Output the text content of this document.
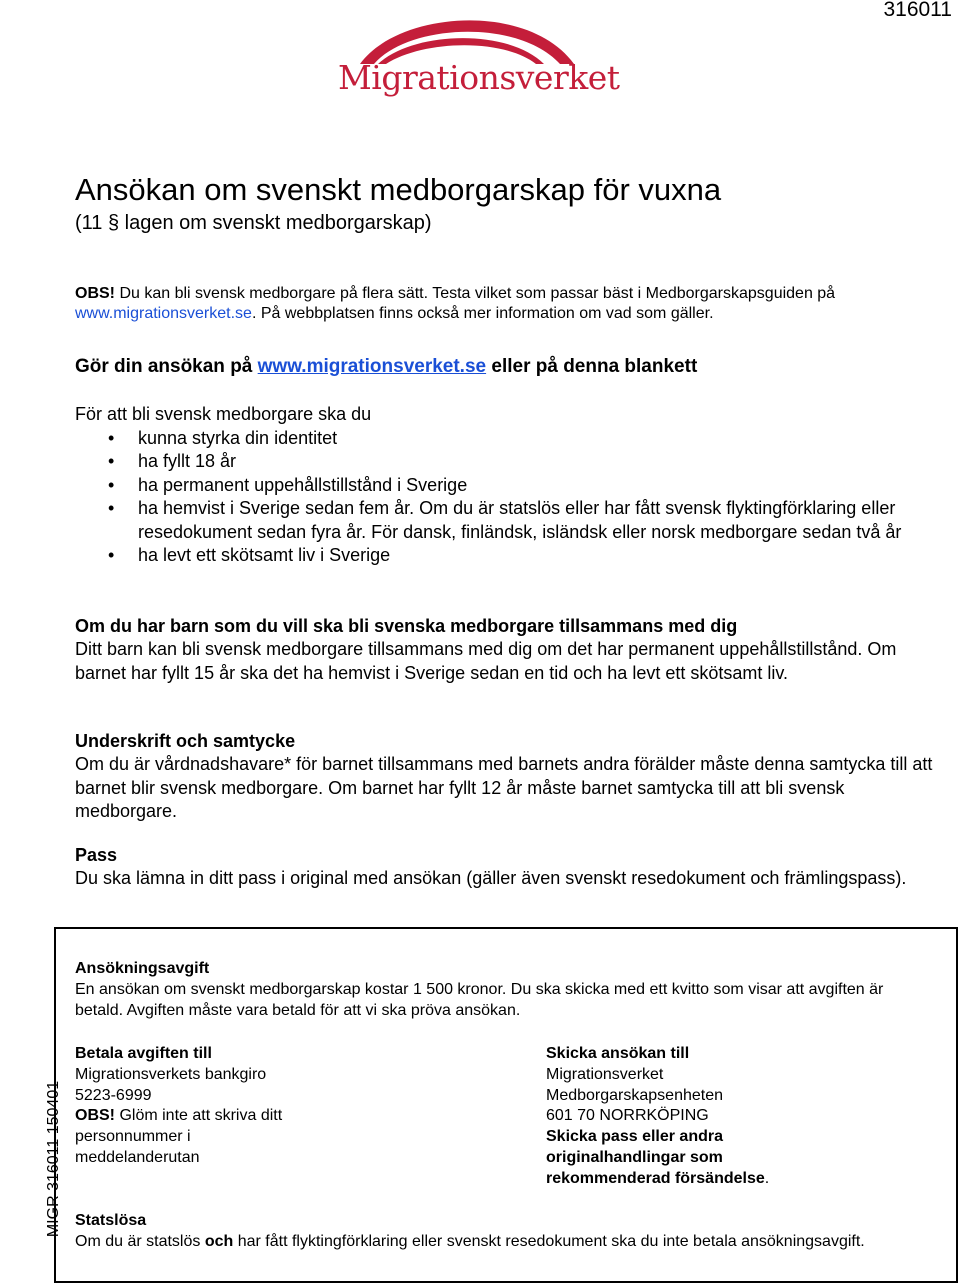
316011
Migrationsverket
Ansökan om svenskt medborgarskap för vuxna
(11 § lagen om svenskt medborgarskap)
OBS! Du kan bli svensk medborgare på flera sätt. Testa vilket som passar bäst i Medborgarskapsguiden på www.migrationsverket.se. På webbplatsen finns också mer information om vad som gäller.
Gör din ansökan på www.migrationsverket.se eller på denna blankett
För att bli svensk medborgare ska du
• kunna styrka din identitet
• ha fyllt 18 år
• ha permanent uppehållstillstånd i Sverige
• ha hemvist i Sverige sedan fem år. Om du är statslös eller har fått svensk flyktingförklaring eller resedokument sedan fyra år. För dansk, finländsk, isländsk eller norsk medborgare sedan två år
• ha levt ett skötsamt liv i Sverige
Om du har barn som du vill ska bli svenska medborgare tillsammans med dig

Ditt barn kan bli svensk medborgare tillsammans med dig om det har permanent uppehållstillstånd. Om barnet har fyllt 15 år ska det ha hemvist i Sverige sedan en tid och ha levt ett skötsamt liv.

Underskrift och samtycke

Om du är vårdnadshavare* för barnet tillsammans med barnets andra förälder måste denna samtycka till att barnet blir svensk medborgare. Om barnet har fyllt 12 år måste barnet samtycka till att bli svensk medborgare.

Pass

Du ska lämna in ditt pass i original med ansökan (gäller även svenskt resedokument och främlingspass).

Ansökningsavgift
En ansökan om svenskt medborgarskap kostar 1 500 kronor. Du ska skicka med ett kvitto som visar att avgiften är betald. Avgiften måste vara betald för att vi ska pröva ansökan.
Betala avgiften till
Migrationsverkets bankgiro
5223-6999
OBS! Glöm inte att skriva ditt personnummer i meddelanderutan
Skicka ansökan till
Migrationsverket
Medborgarskapsenheten
601 70 NORRKÖPING
Skicka pass eller andra originalhandlingar som rekommenderad försändelse.
Statslösa
Om du är statslös och har fått flyktingförklaring eller svenskt resedokument ska du inte betala ansökningsavgift.
MIGR 316011 150401
